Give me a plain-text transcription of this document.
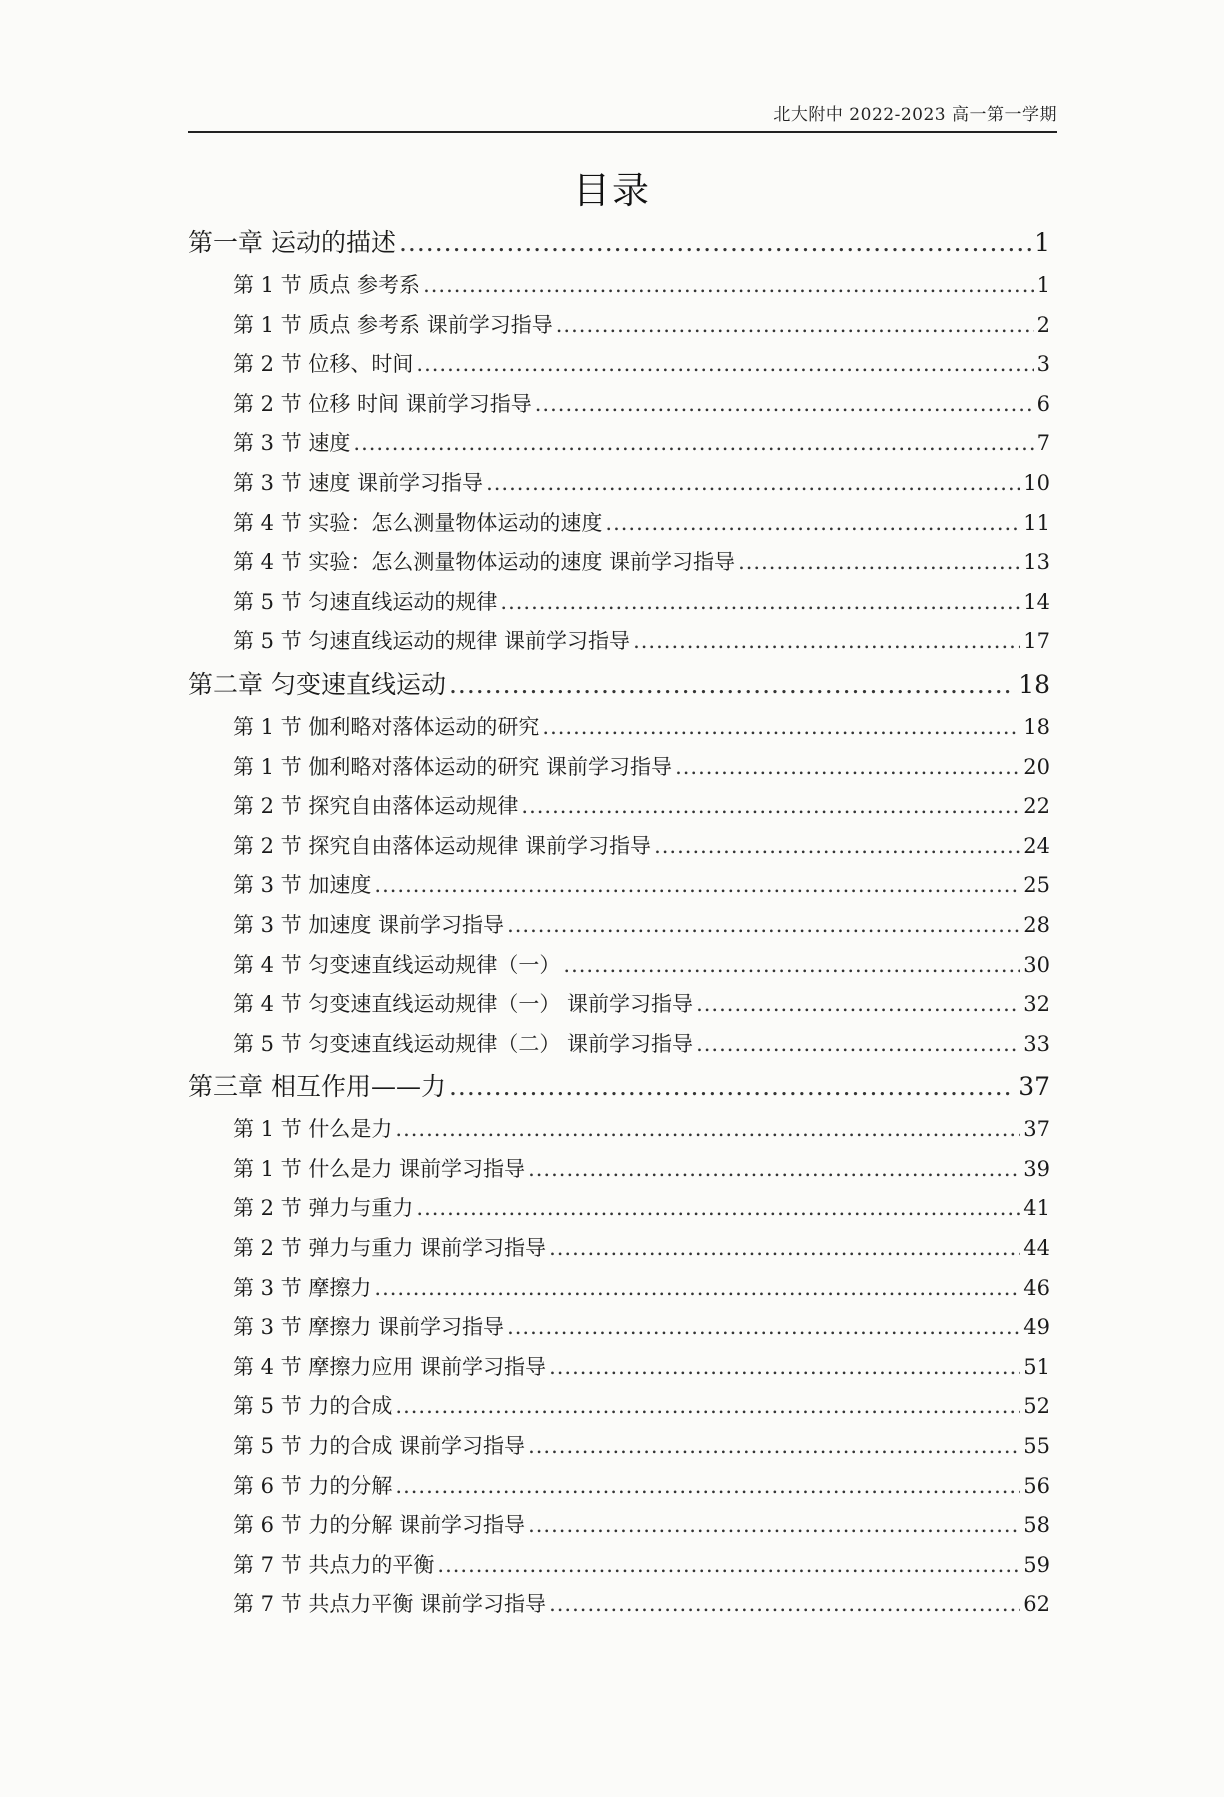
北大附中 2022-2023 高一第一学期
目录
第一章 运动的描述 .....	1
第 1 节 质点 参考系 .....	1
第 1 节 质点 参考系 课前学习指导 .....	2
第 2 节 位移、时间 .....	3
第 2 节 位移 时间 课前学习指导 .....	6
第 3 节 速度 .....	7
第 3 节 速度 课前学习指导 .....	10
第 4 节 实验：怎么测量物体运动的速度 .....	11
第 4 节 实验：怎么测量物体运动的速度 课前学习指导 .....	13
第 5 节 匀速直线运动的规律 .....	14
第 5 节 匀速直线运动的规律 课前学习指导 .....	17
第二章 匀变速直线运动 .....	18
第 1 节 伽利略对落体运动的研究 .....	18
第 1 节 伽利略对落体运动的研究 课前学习指导 .....	20
第 2 节 探究自由落体运动规律 .....	22
第 2 节 探究自由落体运动规律 课前学习指导 .....	24
第 3 节 加速度 .....	25
第 3 节 加速度 课前学习指导 .....	28
第 4 节 匀变速直线运动规律（一） .....	30
第 4 节 匀变速直线运动规律（一） 课前学习指导 .....	32
第 5 节 匀变速直线运动规律（二） 课前学习指导 .....	33
第三章 相互作用——力 .....	37
第 1 节 什么是力 .....	37
第 1 节 什么是力 课前学习指导 .....	39
第 2 节 弹力与重力 .....	41
第 2 节 弹力与重力 课前学习指导 .....	44
第 3 节 摩擦力 .....	46
第 3 节 摩擦力 课前学习指导 .....	49
第 4 节 摩擦力应用 课前学习指导 .....	51
第 5 节 力的合成 .....	52
第 5 节 力的合成 课前学习指导 .....	55
第 6 节 力的分解 .....	56
第 6 节 力的分解 课前学习指导 .....	58
第 7 节 共点力的平衡 .....	59
第 7 节 共点力平衡 课前学习指导 .....	62
